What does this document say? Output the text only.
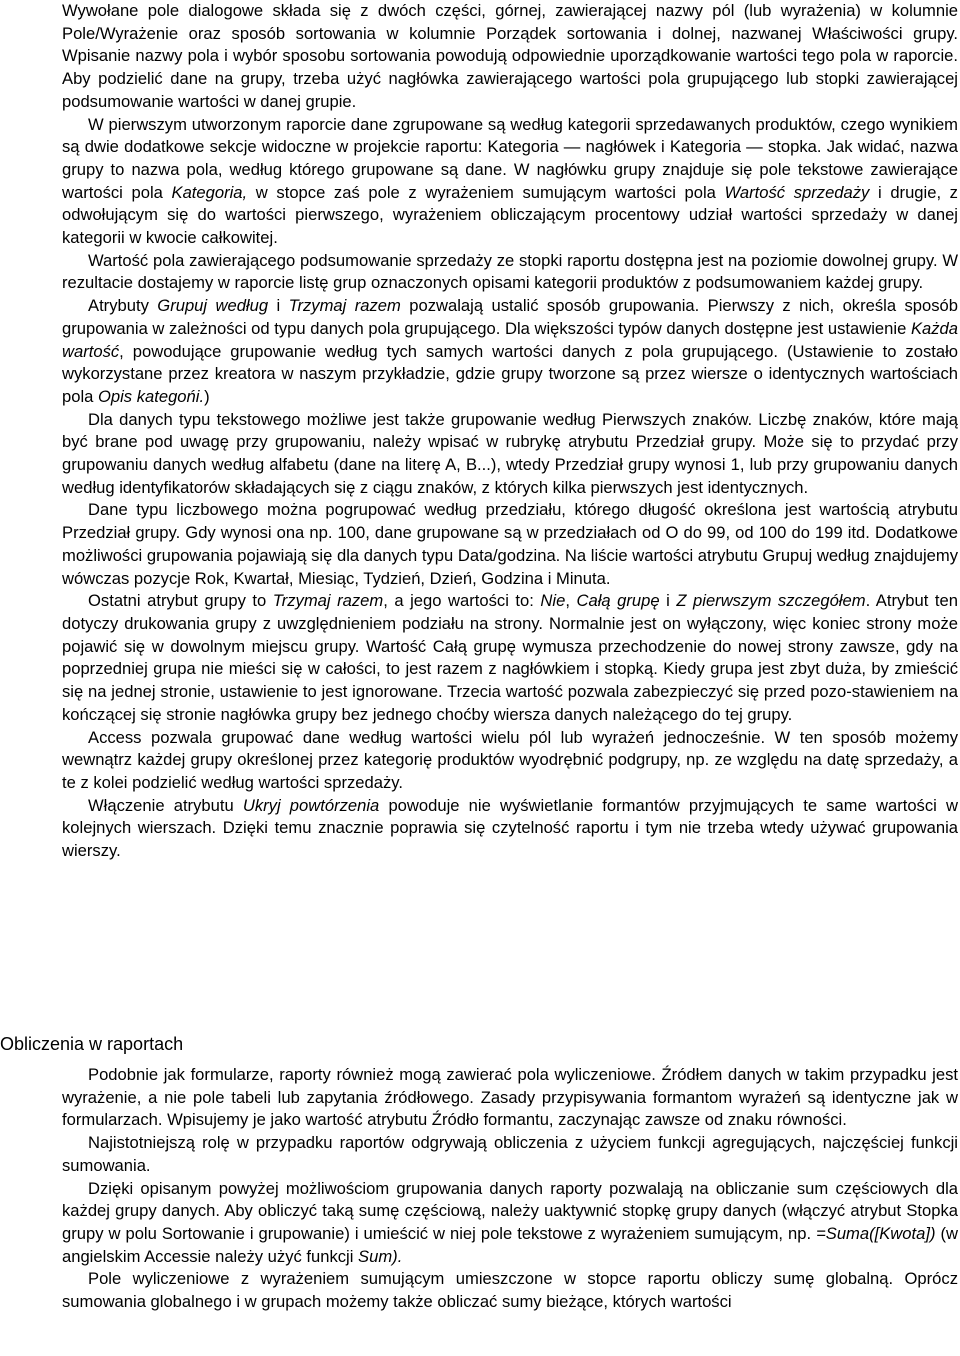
Wywołane pole dialogowe składa się z dwóch części, górnej, zawierającej nazwy pól (lub wyrażenia) w kolumnie Pole/Wyrażenie oraz sposób sortowania w kolumnie Porządek sortowania i dolnej, nazwanej Właściwości grupy. Wpisanie nazwy pola i wybór sposobu sortowania powodują odpowiednie uporządkowanie wartości tego pola w raporcie. Aby podzielić dane na grupy, trzeba użyć nagłówka zawierającego wartości pola grupującego lub stopki zawierającej podsumowanie wartości w danej grupie.

W pierwszym utworzonym raporcie dane zgrupowane są według kategorii sprzedawanych produktów, czego wynikiem są dwie dodatkowe sekcje widoczne w projekcie raportu: Kategoria — nagłówek i Kategoria — stopka. Jak widać, nazwa grupy to nazwa pola, według którego grupowane są dane. W nagłówku grupy znajduje się pole tekstowe zawierające wartości pola Kategoria, w stopce zaś pole z wyrażeniem sumującym wartości pola Wartość sprzedaży i drugie, z odwołującym się do wartości pierwszego, wyrażeniem obliczającym procentowy udział wartości sprzedaży w danej kategorii w kwocie całkowitej.

Wartość pola zawierającego podsumowanie sprzedaży ze stopki raportu dostępna jest na poziomie dowolnej grupy. W rezultacie dostajemy w raporcie listę grup oznaczonych opisami kategorii produktów z podsumowaniem każdej grupy.

Atrybuty Grupuj według i Trzymaj razem pozwalają ustalić sposób grupowania. Pierwszy z nich, określa sposób grupowania w zależności od typu danych pola grupującego. Dla większości typów danych dostępne jest ustawienie Każda wartość, powodujące grupowanie według tych samych wartości danych z pola grupującego. (Ustawienie to zostało wykorzystane przez kreatora w naszym przykładzie, gdzie grupy tworzone są przez wiersze o identycznych wartościach pola Opis kategońi.)

Dla danych typu tekstowego możliwe jest także grupowanie według Pierwszych znaków. Liczbę znaków, które mają być brane pod uwagę przy grupowaniu, należy wpisać w rubrykę atrybutu Przedział grupy. Może się to przydać przy grupowaniu danych według alfabetu (dane na literę A, B...), wtedy Przedział grupy wynosi 1, lub przy grupowaniu danych według identyfikatorów składających się z ciągu znaków, z których kilka pierwszych jest identycznych.

Dane typu liczbowego można pogrupować według przedziału, którego długość określona jest wartością atrybutu Przedział grupy. Gdy wynosi ona np. 100, dane grupowane są w przedziałach od O do 99, od 100 do 199 itd. Dodatkowe możliwości grupowania pojawiają się dla danych typu Data/godzina. Na liście wartości atrybutu Grupuj według znajdujemy wówczas pozycje Rok, Kwartał, Miesiąc, Tydzień, Dzień, Godzina i Minuta.

Ostatni atrybut grupy to Trzymaj razem, a jego wartości to: Nie, Całą grupę i Z pierwszym szczegółem. Atrybut ten dotyczy drukowania grupy z uwzględnieniem podziału na strony. Normalnie jest on wyłączony, więc koniec strony może pojawić się w dowolnym miejscu grupy. Wartość Całą grupę wymusza przechodzenie do nowej strony zawsze, gdy na poprzedniej grupa nie mieści się w całości, to jest razem z nagłówkiem i stopką. Kiedy grupa jest zbyt duża, by zmieścić się na jednej stronie, ustawienie to jest ignorowane. Trzecia wartość pozwala zabezpieczyć się przed pozo-stawieniem na kończącej się stronie nagłówka grupy bez jednego choćby wiersza danych należącego do tej grupy.

Access pozwala grupować dane według wartości wielu pól lub wyrażeń jednocześnie. W ten sposób możemy wewnątrz każdej grupy określonej przez kategorię produktów wyodrębnić podgrupy, np. ze względu na datę sprzedaży, a te z kolei podzielić według wartości sprzedaży.

Włączenie atrybutu Ukryj powtórzenia powoduje nie wyświetlanie formantów przyjmujących te same wartości w kolejnych wierszach. Dzięki temu znacznie poprawia się czytelność raportu i tym nie trzeba wtedy używać grupowania wierszy.

Obliczenia w raportach

Podobnie jak formularze, raporty również mogą zawierać pola wyliczeniowe. Źródłem danych w takim przypadku jest wyrażenie, a nie pole tabeli lub zapytania źródłowego. Zasady przypisywania formantom wyrażeń są identyczne jak w formularzach. Wpisujemy je jako wartość atrybutu Źródło formantu, zaczynając zawsze od znaku równości.

Najistotniejszą rolę w przypadku raportów odgrywają obliczenia z użyciem funkcji agregujących, najczęściej funkcji sumowania.

Dzięki opisanym powyżej możliwościom grupowania danych raporty pozwalają na obliczanie sum częściowych dla każdej grupy danych. Aby obliczyć taką sumę częściową, należy uaktywnić stopkę grupy danych (włączyć atrybut Stopka grupy w polu Sortowanie i grupowanie) i umieścić w niej pole tekstowe z wyrażeniem sumującym, np. =Suma([Kwota]) (w angielskim Accessie należy użyć funkcji Sum).

Pole wyliczeniowe z wyrażeniem sumującym umieszczone w stopce raportu obliczy sumę globalną. Oprócz sumowania globalnego i w grupach możemy także obliczać sumy bieżące, których wartości
